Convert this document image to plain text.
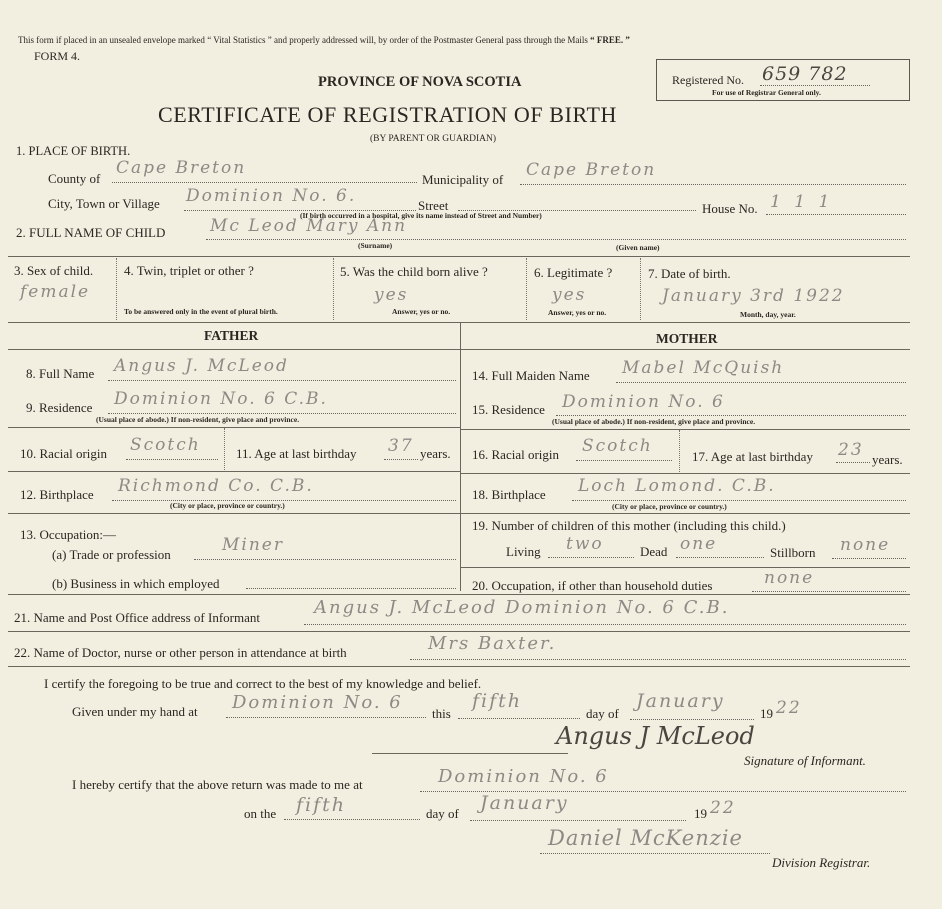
This form if placed in an unsealed envelope marked “ Vital Statistics ” and properly addressed will, by order of the Postmaster General pass through the Mails “ FREE. ”
FORM 4.
PROVINCE OF NOVA SCOTIA
CERTIFICATE OF REGISTRATION OF BIRTH
(BY PARENT OR GUARDIAN)
Registered No. 659 782
For use of Registrar General only.
1. PLACE OF BIRTH.
County of
Cape Breton
Municipality of Cape Breton
City, Town or Village Dominion No. 6.	Street
(If birth occurred in a hospital, give its name instead of Street and Number)	House No. 1 1 1
2. FULL NAME OF CHILD	Mc Leod Mary Ann
(Surname)	(Given name)
3. Sex of child.
female
4. Twin, triplet or other ?
To be answered only in the event of plural birth.
5. Was the child born alive ?
yes
Answer, yes or no.
6. Legitimate ?
yes
Answer, yes or no.
7. Date of birth.
January 3rd 1922
Month, day, year.
FATHER	MOTHER
8. Full Name Angus J. McLeod
9. Residence Dominion No. 6 C.B.
(Usual place of abode.) If non-resident, give place and province.
10. Racial origin Scotch	11. Age at last birthday 37 years.
12. Birthplace Richmond Co. C.B.
(City or place, province or country.)
13. Occupation:—
(a) Trade or profession	Miner
(b) Business in which employed
14. Full Maiden Name Mabel McQuish
15. Residence Dominion No. 6
(Usual place of abode.) If non-resident, give place and province.
16. Racial origin Scotch
17. Age at last birthday 23 years.
18. Birthplace Loch Lomond. C.B.
(City or place, province or country.)
19. Number of children of this mother (including this child.)
Living two	Dead one	Stillborn none
20. Occupation, if other than household duties	none
21. Name and Post Office address of Informant	Angus J. McLeod Dominion No. 6 C.B.
22. Name of Doctor, nurse or other person in attendance at birth	Mrs Baxter.
I certify the foregoing to be true and correct to the best of my knowledge and belief.
Given under my hand at Dominion No. 6
this
fifth
day of
January
19 22
Angus J McLeod
Signature of Informant.
I hereby certify that the above return was made to me at	Dominion No. 6
on the fifth	day of January	19 22
Daniel McKenzie
Division Registrar.
